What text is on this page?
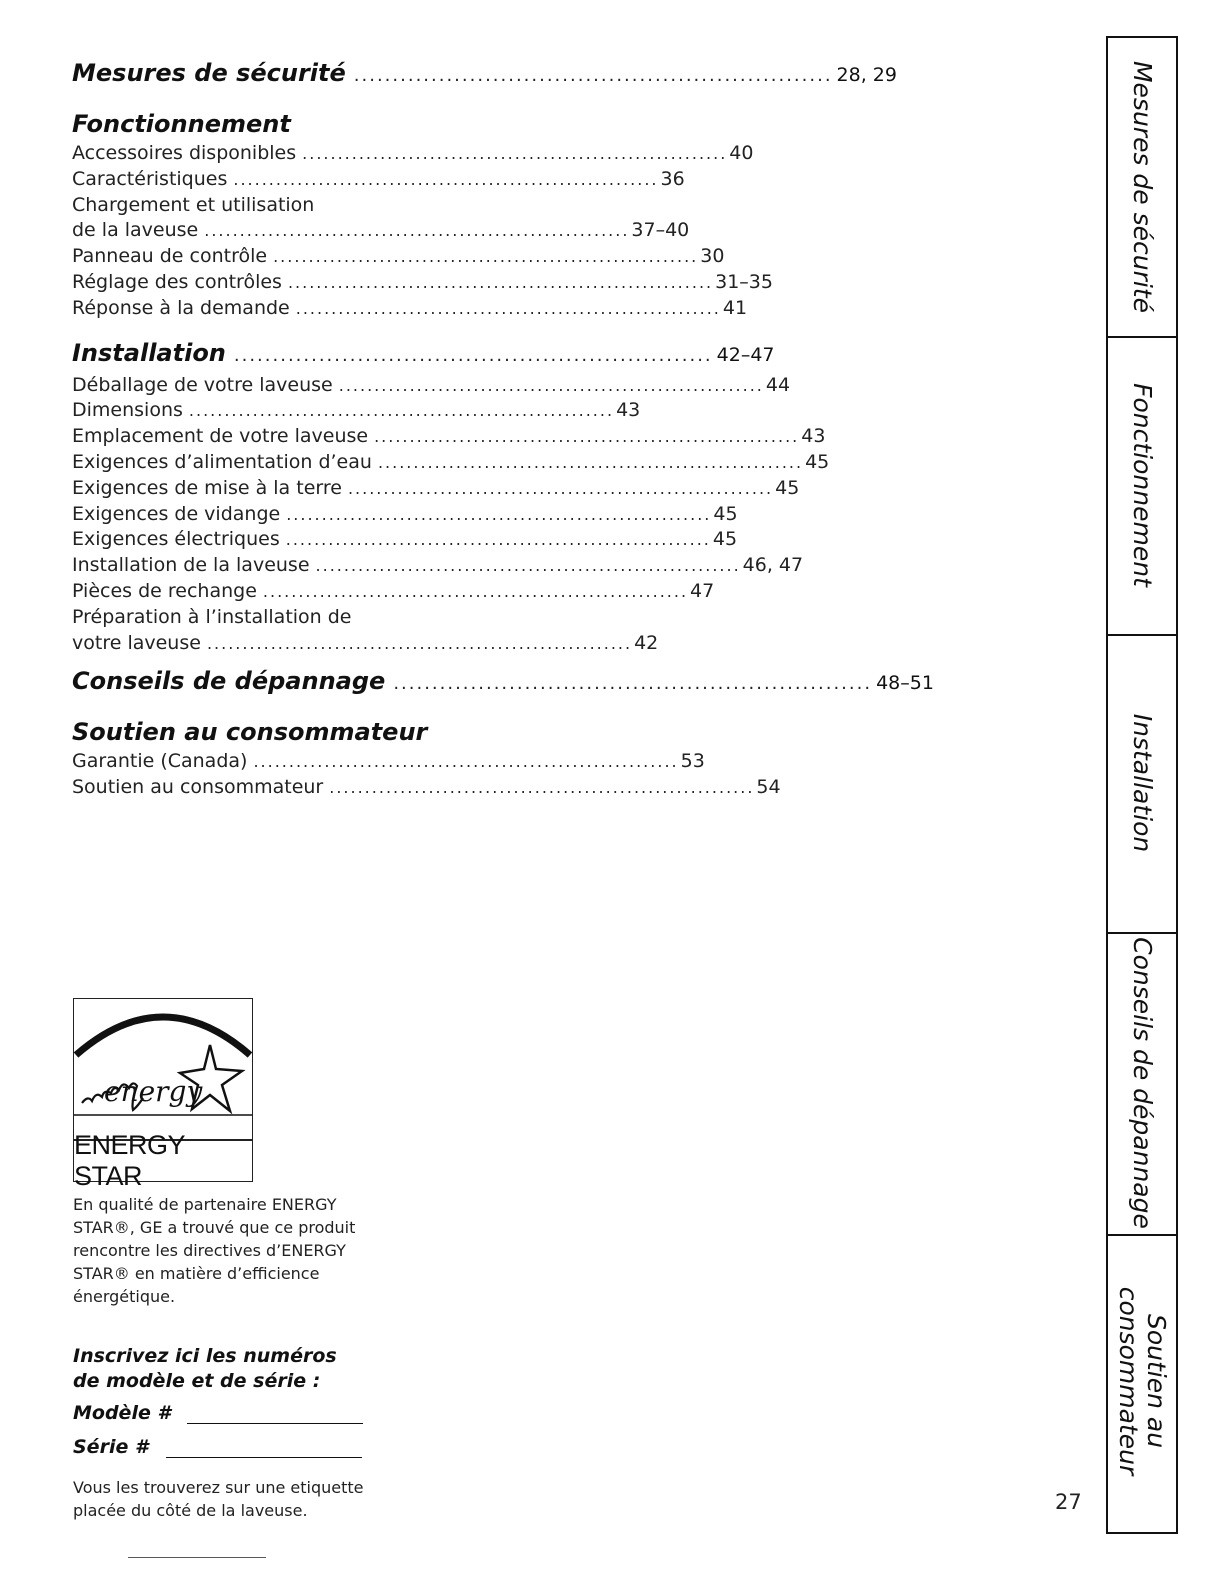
Mesures de sécurité .............................................................. 28, 29
Fonctionnement
Accessoires disponibles ............................................................ 40
Caractéristiques ............................................................ 36
Chargement et utilisation
de la laveuse ............................................................ 37–40
Panneau de contrôle ............................................................ 30
Réglage des contrôles ............................................................ 31–35
Réponse à la demande ............................................................ 41
Installation .............................................................. 42–47
Déballage de votre laveuse ............................................................ 44
Dimensions ............................................................ 43
Emplacement de votre laveuse ............................................................ 43
Exigences d’alimentation d’eau ............................................................ 45
Exigences de mise à la terre ............................................................ 45
Exigences de vidange ............................................................ 45
Exigences électriques ............................................................ 45
Installation de la laveuse ............................................................ 46, 47
Pièces de rechange ............................................................ 47
Préparation à l’installation de
votre laveuse ............................................................ 42
Conseils de dépannage .............................................................. 48–51
Soutien au consommateur
Garantie (Canada) ............................................................ 53
Soutien au consommateur ............................................................ 54
energy
ENERGY STAR
En qualité de partenaire ENERGY STAR®, GE a trouvé que ce produit rencontre les directives d’ENERGY STAR® en matière d’efficience énergétique.
Inscrivez ici les numéros
de modèle et de série :
Modèle #
Série #
Vous les trouverez sur une etiquette placée du côté de la laveuse.	27
Mesures de sécurité
Fonctionnement
Installation
Conseils de dépannage
Soutien au
consommateur
